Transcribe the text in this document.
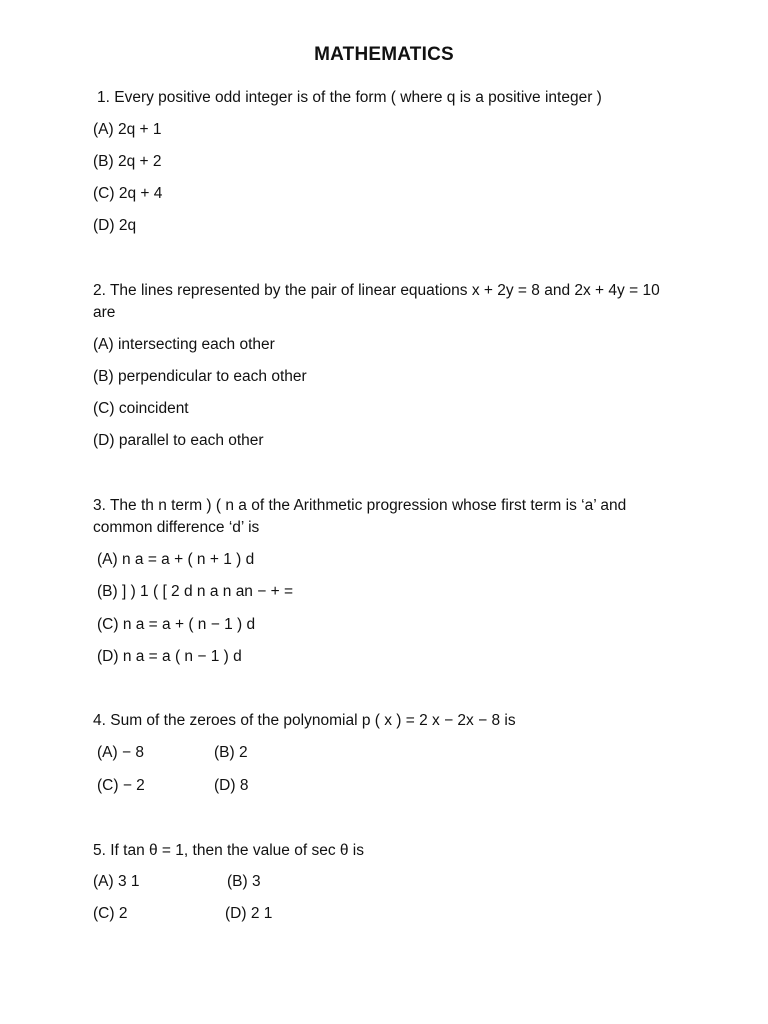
MATHEMATICS
1. Every positive odd integer is of the form ( where q is a positive integer )
(A) 2q + 1
(B) 2q + 2
(C) 2q + 4
(D) 2q
2. The lines represented by the pair of linear equations x + 2y = 8 and 2x + 4y = 10 are
(A) intersecting each other
(B) perpendicular to each other
(C) coincident
(D) parallel to each other
3. The th n term ) ( n a of the Arithmetic progression whose first term is ‘a’ and common difference ‘d’ is
(A) n a = a + ( n + 1 ) d
(B) ] ) 1 ( [ 2 d n a n an − + =
(C) n a = a + ( n − 1 ) d
(D) n a = a ( n − 1 ) d
4. Sum of the zeroes of the polynomial p ( x ) = 2 x − 2x − 8 is
(A) − 8	(B) 2
(C) − 2	(D) 8
5. If tan θ = 1, then the value of sec θ is
(A) 3 1	(B) 3
(C) 2	(D) 2 1
